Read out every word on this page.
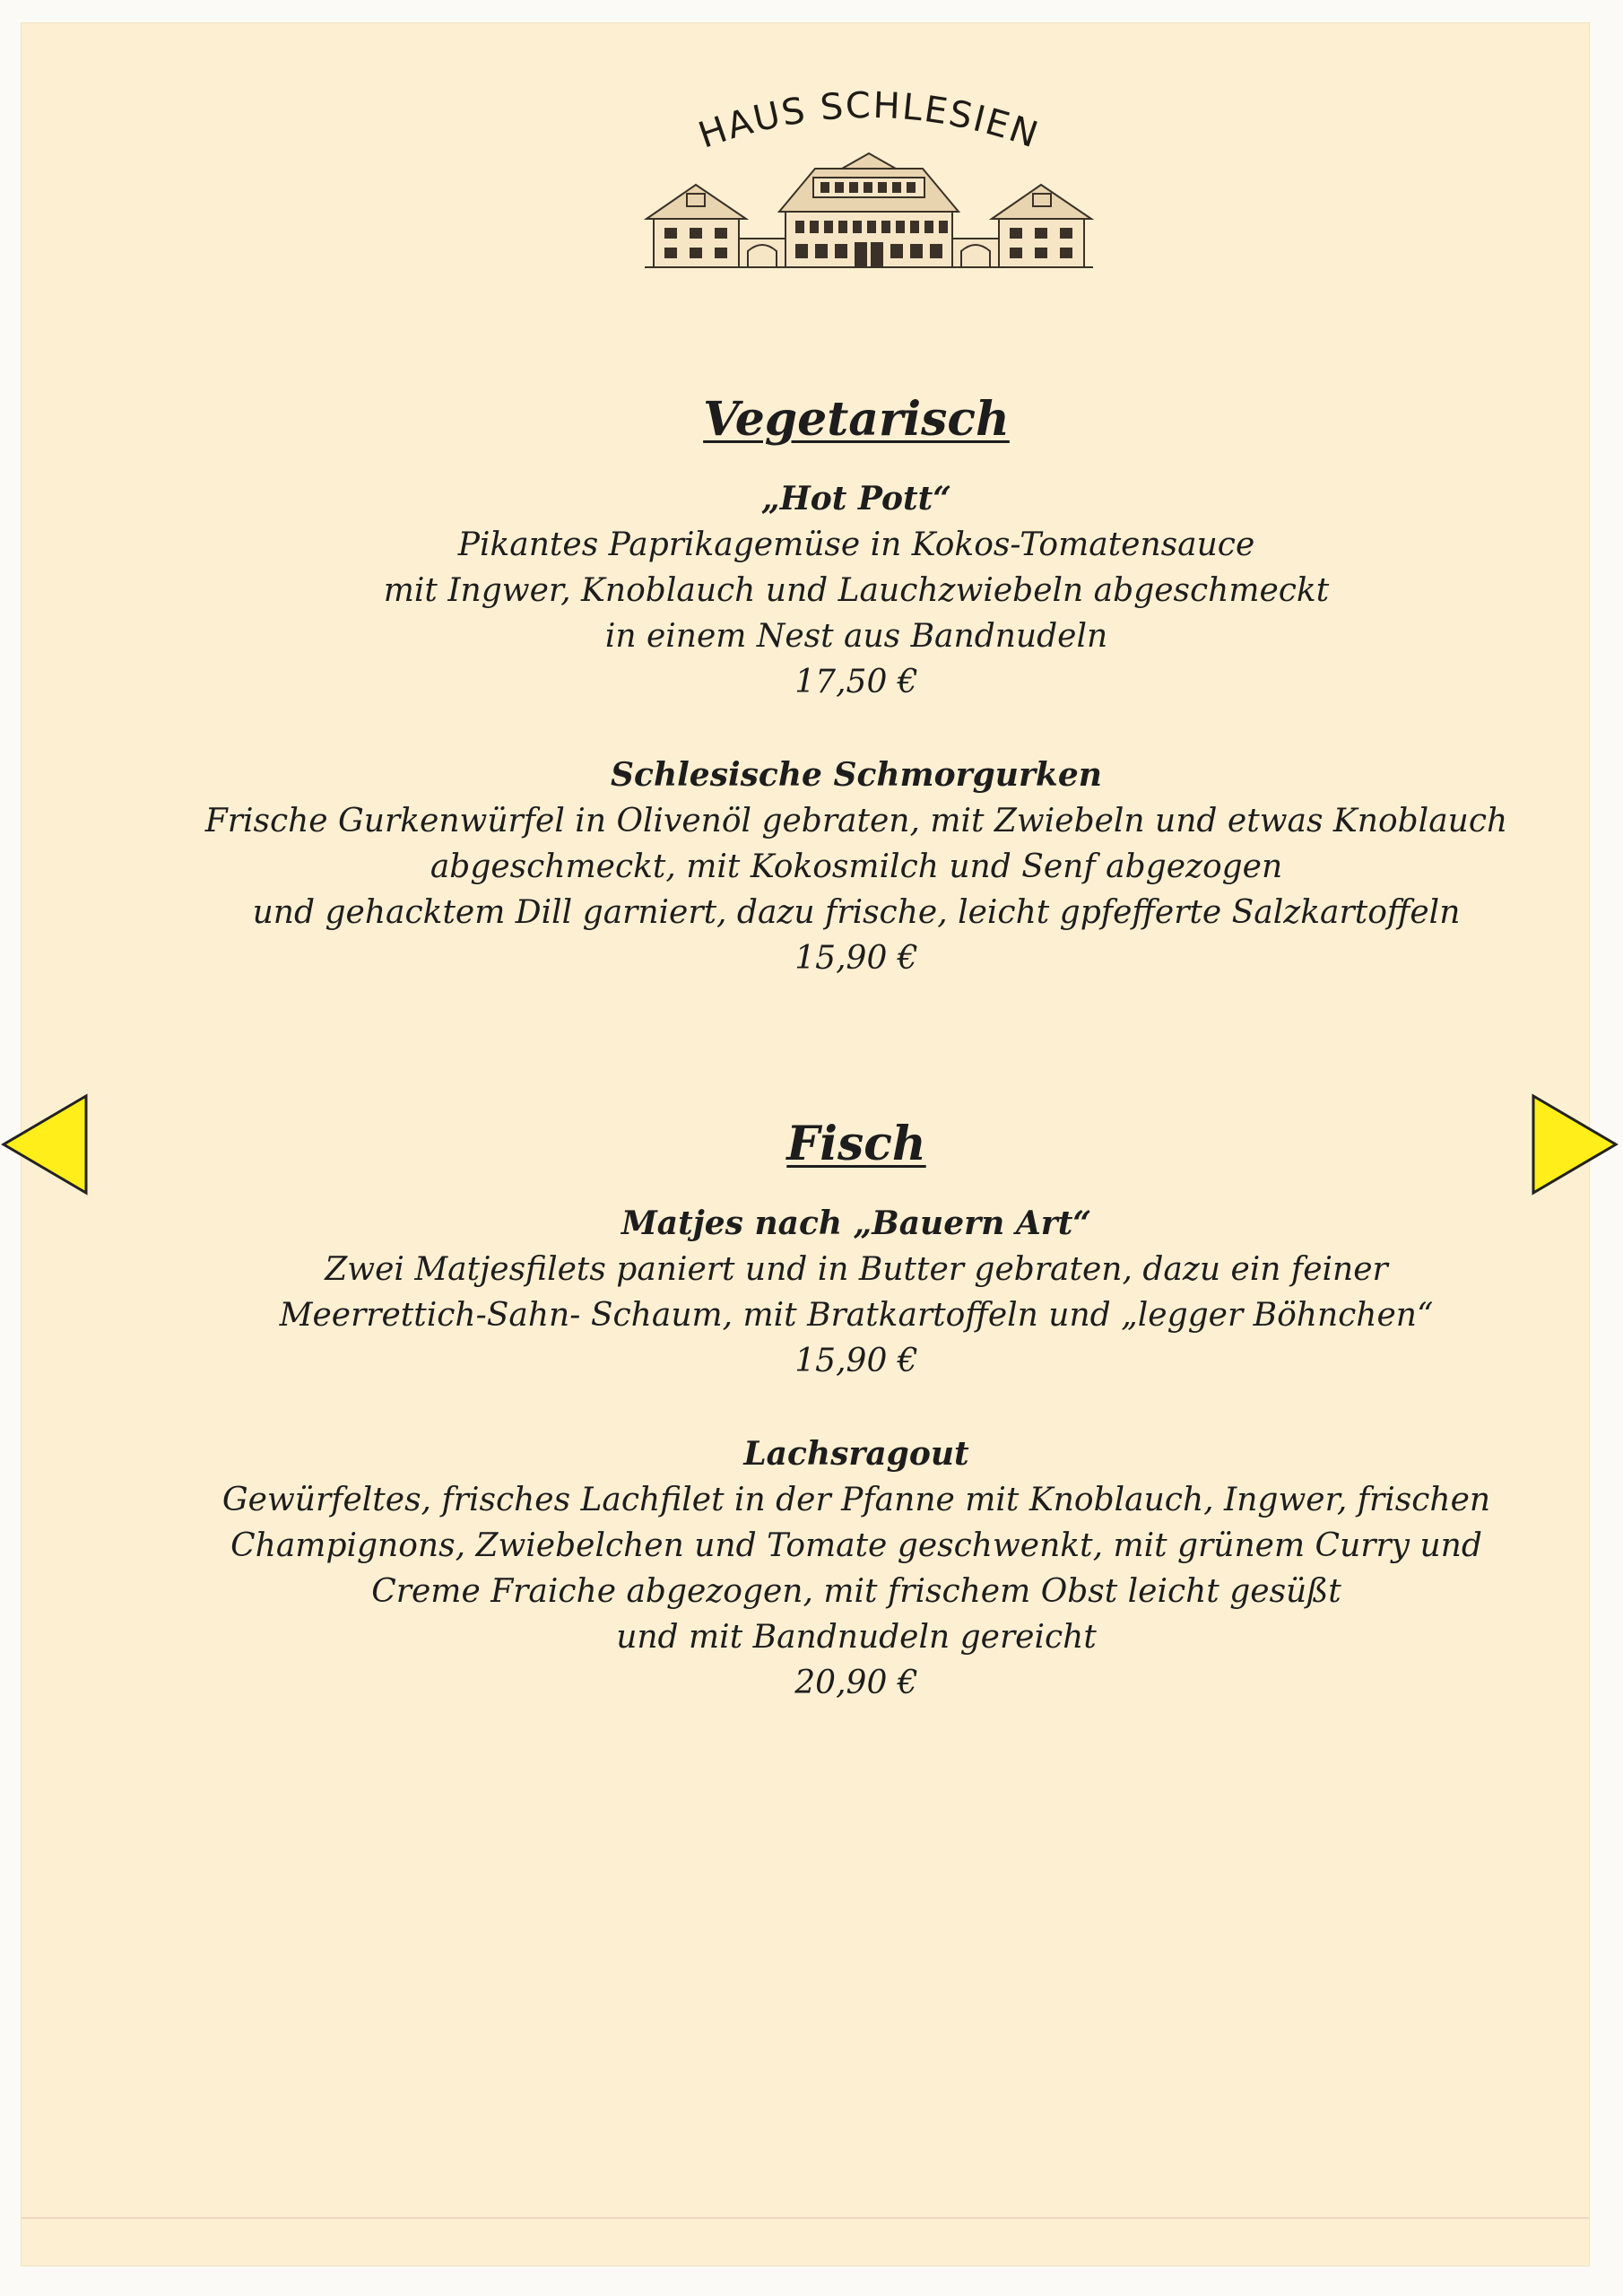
HAUS SCHLESIEN
Vegetarisch
„Hot Pott“
Pikantes Paprikagemüse in Kokos-Tomatensauce
mit Ingwer, Knoblauch und Lauchzwiebeln abgeschmeckt
in einem Nest aus Bandnudeln
17,50 €
Schlesische Schmorgurken
Frische Gurkenwürfel in Olivenöl gebraten, mit Zwiebeln und etwas Knoblauch
abgeschmeckt, mit Kokosmilch und Senf abgezogen
und gehacktem Dill garniert, dazu frische, leicht gpfefferte Salzkartoffeln
15,90 €
Fisch
Matjes nach „Bauern Art“
Zwei Matjesfilets paniert und in Butter gebraten, dazu ein feiner
Meerrettich-Sahn- Schaum, mit Bratkartoffeln und „legger Böhnchen“
15,90 €
Lachsragout
Gewürfeltes, frisches Lachfilet in der Pfanne mit Knoblauch, Ingwer, frischen
Champignons, Zwiebelchen und Tomate geschwenkt, mit grünem Curry und
Creme Fraiche abgezogen, mit frischem Obst leicht gesüßt
und mit Bandnudeln gereicht
20,90 €
